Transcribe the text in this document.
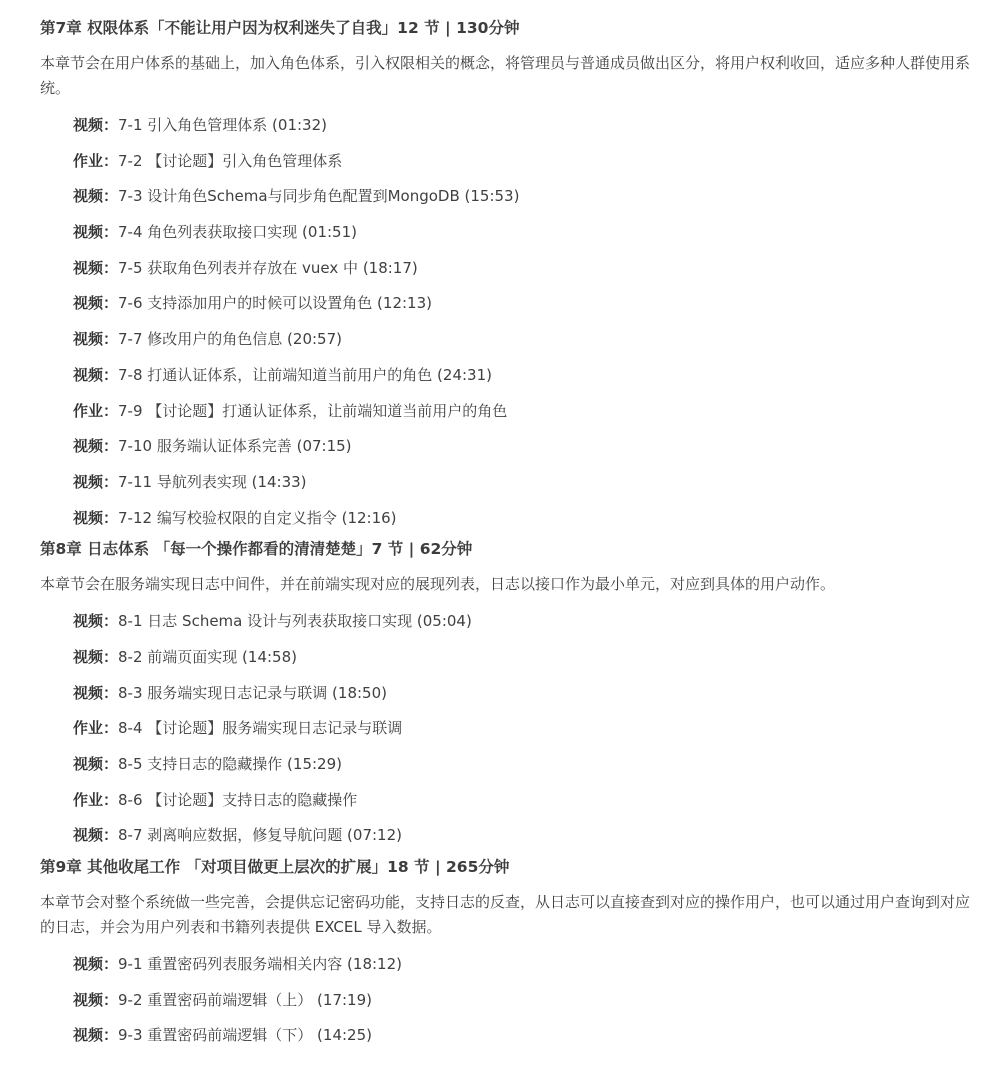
第7章 权限体系「不能让用户因为权利迷失了自我」12 节 | 130分钟
本章节会在用户体系的基础上，加入角色体系，引入权限相关的概念，将管理员与普通成员做出区分，将用户权利收回，适应多种人群使用系统。
视频：7-1 引入角色管理体系 (01:32)
作业：7-2 【讨论题】引入角色管理体系
视频：7-3 设计角色Schema与同步角色配置到MongoDB (15:53)
视频：7-4 角色列表获取接口实现 (01:51)
视频：7-5 获取角色列表并存放在 vuex 中 (18:17)
视频：7-6 支持添加用户的时候可以设置角色 (12:13)
视频：7-7 修改用户的角色信息 (20:57)
视频：7-8 打通认证体系，让前端知道当前用户的角色 (24:31)
作业：7-9 【讨论题】打通认证体系，让前端知道当前用户的角色
视频：7-10 服务端认证体系完善 (07:15)
视频：7-11 导航列表实现 (14:33)
视频：7-12 编写校验权限的自定义指令 (12:16)
第8章 日志体系 「每一个操作都看的清清楚楚」7 节 | 62分钟
本章节会在服务端实现日志中间件，并在前端实现对应的展现列表，日志以接口作为最小单元，对应到具体的用户动作。
视频：8-1 日志 Schema 设计与列表获取接口实现 (05:04)
视频：8-2 前端页面实现 (14:58)
视频：8-3 服务端实现日志记录与联调 (18:50)
作业：8-4 【讨论题】服务端实现日志记录与联调
视频：8-5 支持日志的隐藏操作 (15:29)
作业：8-6 【讨论题】支持日志的隐藏操作
视频：8-7 剥离响应数据，修复导航问题 (07:12)
第9章 其他收尾工作 「对项目做更上层次的扩展」18 节 | 265分钟
本章节会对整个系统做一些完善，会提供忘记密码功能，支持日志的反查，从日志可以直接查到对应的操作用户，也可以通过用户查询到对应的日志，并会为用户列表和书籍列表提供 EXCEL 导入数据。
视频：9-1 重置密码列表服务端相关内容 (18:12)
视频：9-2 重置密码前端逻辑（上） (17:19)
视频：9-3 重置密码前端逻辑（下） (14:25)
